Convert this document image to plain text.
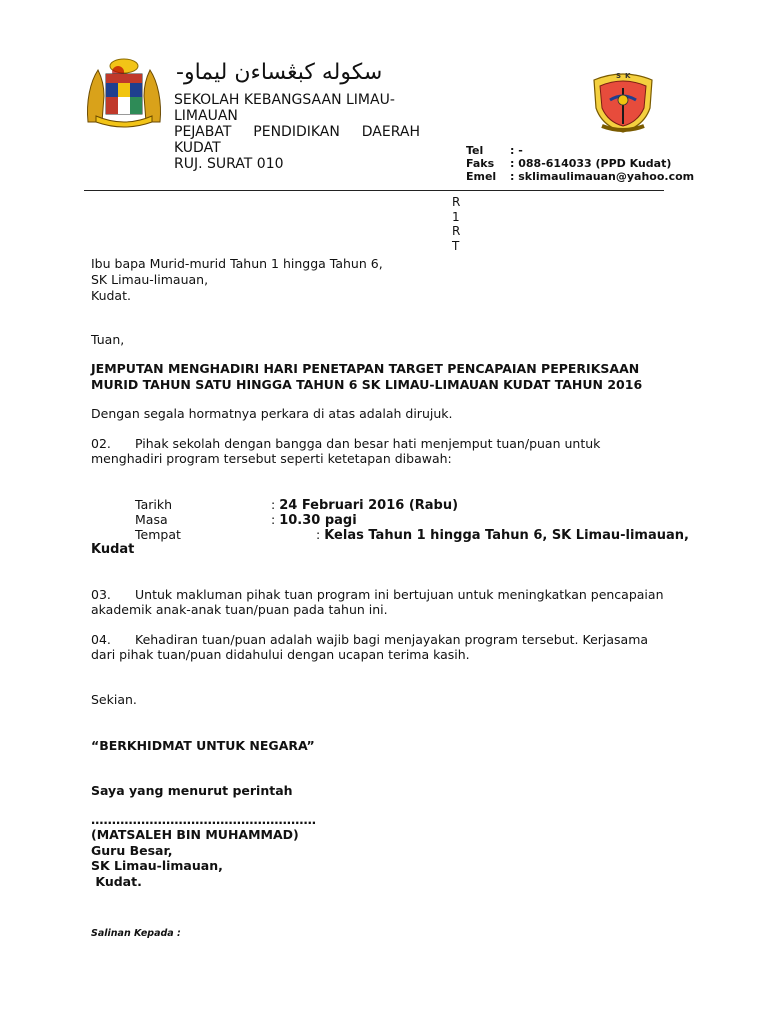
-سكوله كبڠساءن ليماو
SEKOLAH KEBANGSAAN LIMAU-
LIMAUAN
PEJABAT PENDIDIKAN DAERAH
KUDAT
RUJ. SURAT 010
S K
Tel	: -
Faks	: 088-614033 (PPD Kudat)
Emel	: sklimaulimauan@yahoo.com
R
1
R
T
Ibu bapa Murid-murid Tahun 1 hingga Tahun 6,
SK Limau-limauan,
Kudat.
Tuan,
JEMPUTAN MENGHADIRI HARI PENETAPAN TARGET PENCAPAIAN PEPERIKSAAN
MURID TAHUN SATU HINGGA TAHUN 6 SK LIMAU-LIMAUAN KUDAT TAHUN 2016
Dengan segala hormatnya perkara di atas adalah dirujuk.
02. Pihak sekolah dengan bangga dan besar hati menjemput tuan/puan untuk
menghadiri program tersebut seperti ketetapan dibawah:
Tarikh	: 24 Februari 2016 (Rabu)
Masa	: 10.30 pagi
Tempat	: Kelas Tahun 1 hingga Tahun 6, SK Limau-limauan,
Kudat
03. Untuk makluman pihak tuan program ini bertujuan untuk meningkatkan pencapaian
akademik anak-anak tuan/puan pada tahun ini.
04. Kehadiran tuan/puan adalah wajib bagi menjayakan program tersebut. Kerjasama
dari pihak tuan/puan didahului dengan ucapan terima kasih.
Sekian.
“BERKHIDMAT UNTUK NEGARA”
Saya yang menurut perintah
………………………………………………
(MATSALEH BIN MUHAMMAD)
Guru Besar,
SK Limau-limauan,
Kudat.
Salinan Kepada :
